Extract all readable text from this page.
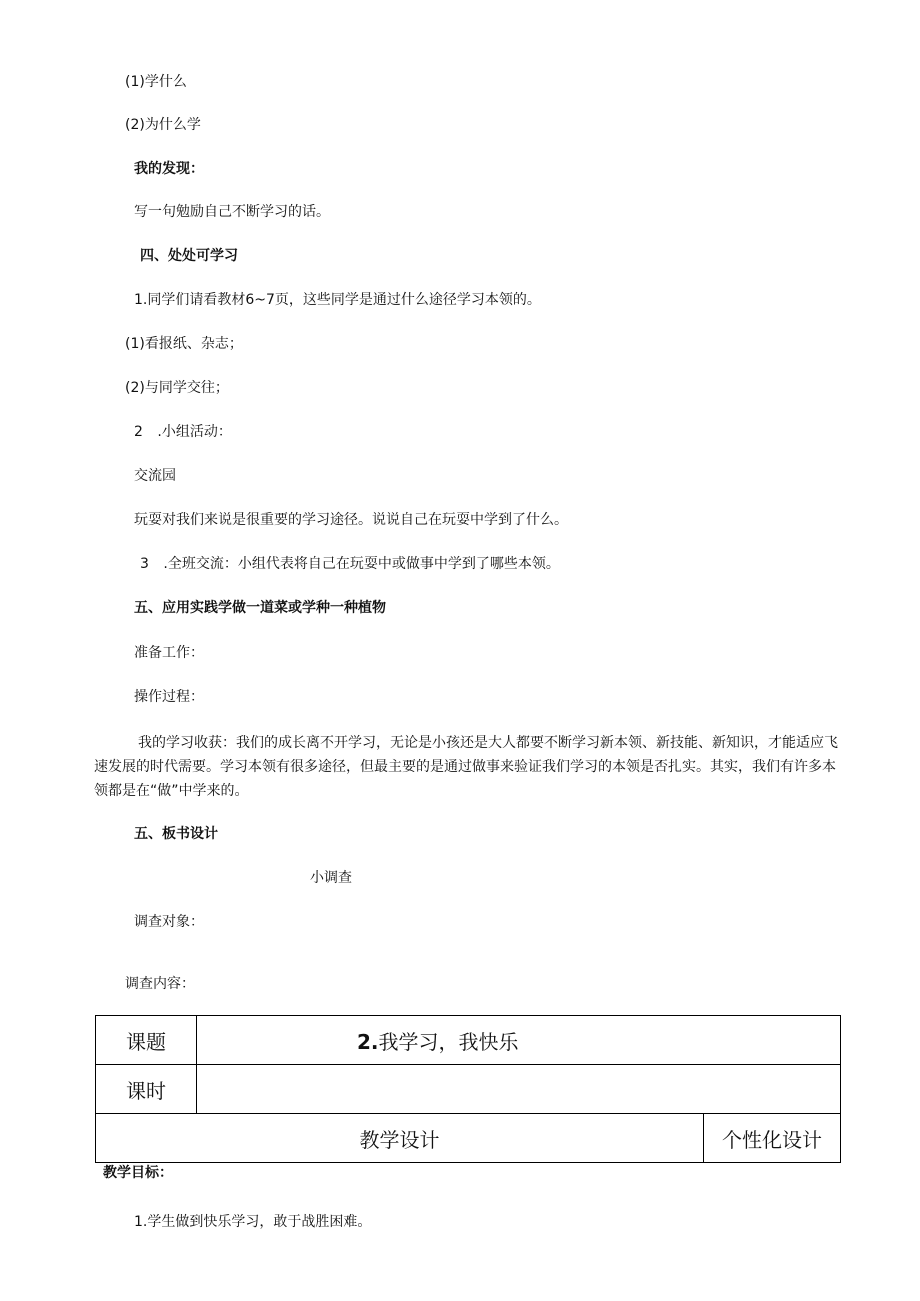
(1)学什么
(2)为什么学
我的发现：
写一句勉励自己不断学习的话。
四、处处可学习
1.同学们请看教材6~7页，这些同学是通过什么途径学习本领的。
(1)看报纸、杂志；
(2)与同学交往；
2 .小组活动：
交流园
玩耍对我们来说是很重要的学习途径。说说自己在玩耍中学到了什么。
3 .全班交流：小组代表将自己在玩耍中或做事中学到了哪些本领。
五、应用实践学做一道菜或学种一种植物
准备工作：
操作过程：
我的学习收获：我们的成长离不开学习，无论是小孩还是大人都要不断学习新本领、新技能、新知识，才能适应飞速发展的时代需要。学习本领有很多途径，但最主要的是通过做事来验证我们学习的本领是否扎实。其实，我们有许多本领都是在“做”中学来的。
五、板书设计
小调查
调查对象：
调查内容：
课题	2.我学习，我快乐	
课时		
教学设计		个性化设计
教学目标：
1.学生做到快乐学习，敢于战胜困难。
